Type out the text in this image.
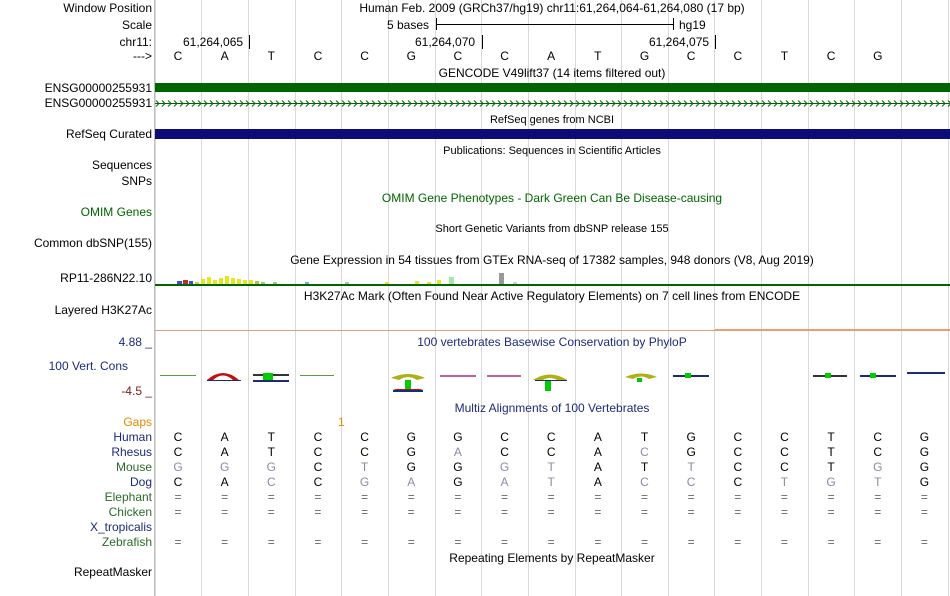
Window Position	Human Feb. 2009 (GRCh37/hg19) chr11:61,264,064-61,264,080 (17 bp)
Scale	5 bases	hg19
chr11:	61,264,065	61,264,070	61,264,075
---> C	A	T	C	C	G	C	C	A	T	G	C	C	T	C	G
GENCODE V49lift37 (14 items filtered out)
ENSG00000255931
ENSG00000255931
RefSeq genes from NCBI
RefSeq Curated
Publications: Sequences in Scientific Articles
Sequences
SNPs
OMIM Gene Phenotypes - Dark Green Can Be Disease-causing
OMIM Genes
Short Genetic Variants from dbSNP release 155
Common dbSNP(155)
Gene Expression in 54 tissues from GTEx RNA-seq of 17382 samples, 948 donors (V8, Aug 2019)
RP11-286N22.10
H3K27Ac Mark (Often Found Near Active Regulatory Elements) on 7 cell lines from ENCODE
Layered H3K27Ac
100 vertebrates Basewise Conservation by PhyloP
4.88 _
100 Vert. Cons
-4.5 _
Multiz Alignments of 100 Vertebrates
Gaps	1
Human C	A	T	C	C	G	G	C	C	A	T	G	C	C	T	C	G
Rhesus C	A	T	C	C	G	A	C	C	A	C	G	C	C	T	C	G
Mouse G	G	G	C	T	G	G	G	T	A	T	T	C	C	T	G	G
Dog C	A	C	C	G	A	G	A	T	A	C	C	C	T	G	T	G
Elephant =	=	=	=	=	=	=	=	=	=	=	=	=	=	=	=	=
Chicken =	=	=	=	=	=	=	=	=	=	=	=	=	=	=	=	=
X_tropicalis
Zebrafish =	=	=	=	=	=	=	=	=	=	=	=	=	=	=	=	=
Repeating Elements by RepeatMasker
RepeatMasker
